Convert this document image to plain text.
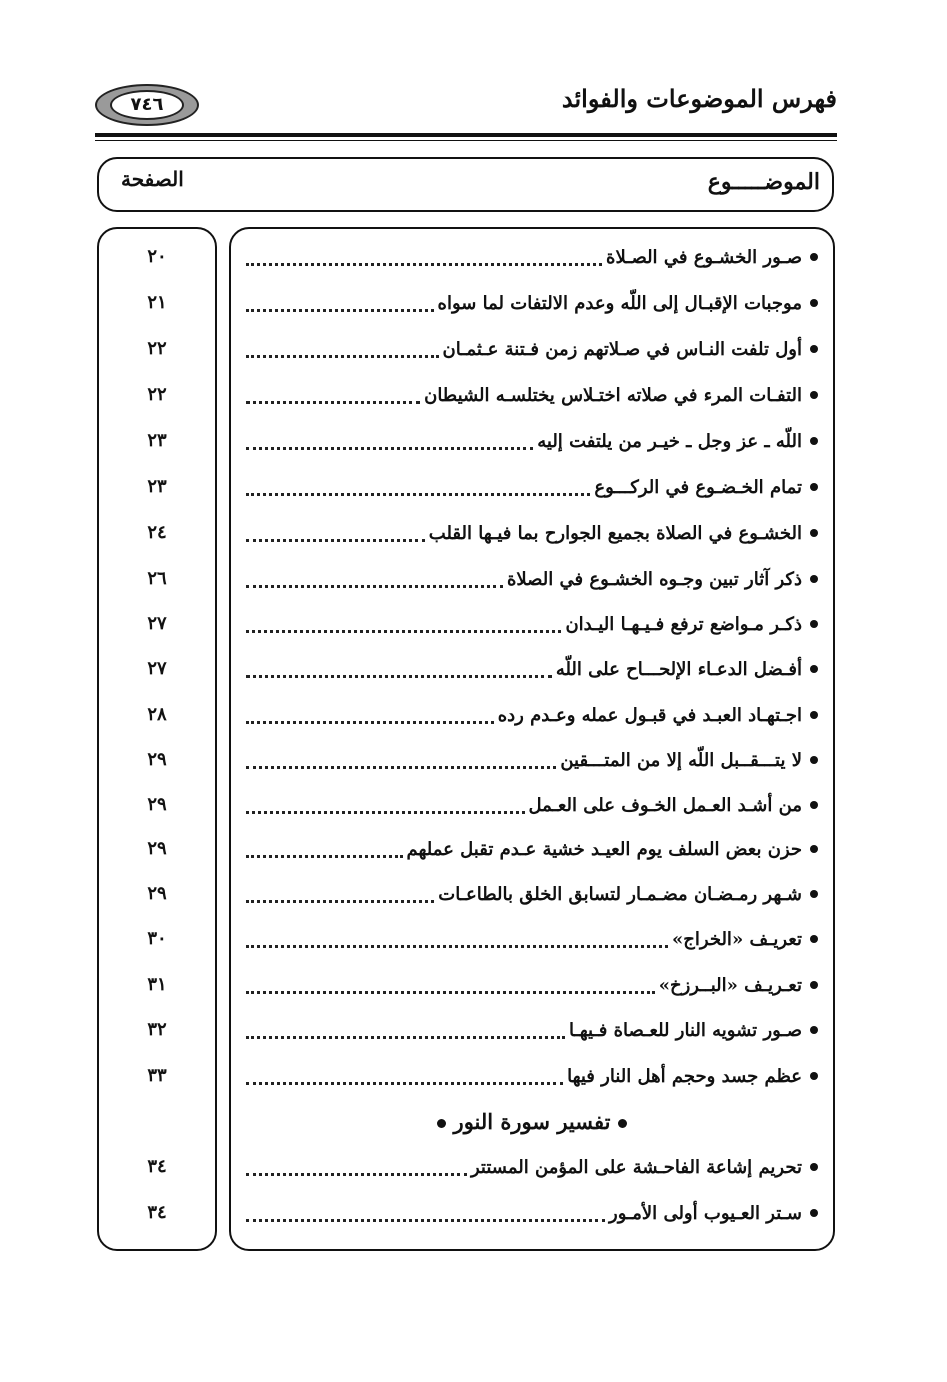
فهرس الموضوعات والفوائد
٧٤٦
الموضـــــوع
الصفحة
صـور الخشـوع في الصـلاة
٢٠
موجبات الإقبـال إلى اللّه وعدم الالتفات لما سواه
٢١
أول تلفت النـاس في صـلاتهم زمن فـتنة عـثمـان
٢٢
التفـات المرء في صلاته اختـلاس يختلسـه الشيطان
٢٢
اللّه ـ عز وجل ـ خيـر من يلتفت إليه
٢٣
تمام الخـضـوع في الركـــوع
٢٣
الخشـوع في الصلاة بجميع الجوارح بما فيـها القلب
٢٤
ذكر آثار تبين وجـوه الخشـوع في الصلاة
٢٦
ذكـر مـواضع ترفع فـيـهـا اليـدان
٢٧
أفـضل الدعـاء الإلحـــاح على اللّه
٢٧
اجـتهـاد العبـد في قبـول عمله وعـدم رده
٢٨
لا يتـــقــبل اللّه إلا من المتـــقين
٢٩
من أشـد العـمل الخـوف على العـمل
٢٩
حزن بعض السلف يوم العيـد خشية عـدم تقبل عملهم
٢٩
شـهر رمـضـان مضـمـار لتسابق الخلق بالطاعـات
٢٩
تعريـف «الخراج»
٣٠
تعـريـف «البــرزخ»
٣١
صـور تشويه النار للعـصاة فـيهـا
٣٢
عظم جسد وحجم أهل النار فيها
٣٣
تفسير سورة النور
تحريم إشاعة الفاحـشة على المؤمن المستتر
٣٤
سـتر العـيوب أولى الأمـور
٣٤
